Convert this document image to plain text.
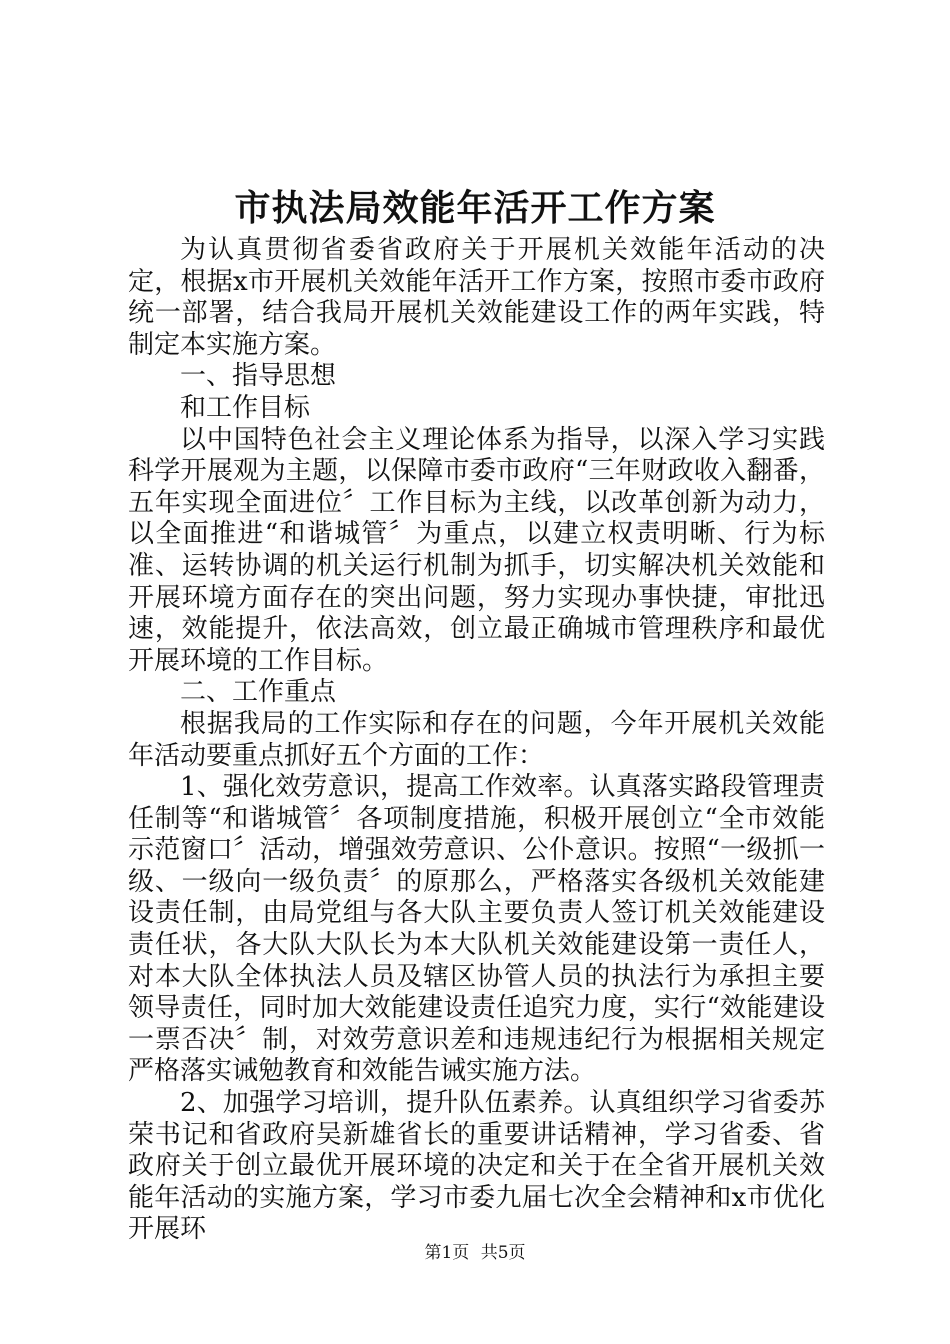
市执法局效能年活开工作方案

为认真贯彻省委省政府关于开展机关效能年活动的决定，根据x市开展机关效能年活开工作方案，按照市委市政府统一部署，结合我局开展机关效能建设工作的两年实践，特制定本实施方案。

一、指导思想

和工作目标

以中国特色社会主义理论体系为指导，以深入学习实践科学开展观为主题，以保障市委市政府“三年财政收入翻番，五年实现全面进位〞工作目标为主线，以改革创新为动力，以全面推进“和谐城管〞为重点，以建立权责明晰、行为标准、运转协调的机关运行机制为抓手，切实解决机关效能和开展环境方面存在的突出问题，努力实现办事快捷，审批迅速，效能提升，依法高效，创立最正确城市管理秩序和最优开展环境的工作目标。

二、工作重点

根据我局的工作实际和存在的问题，今年开展机关效能年活动要重点抓好五个方面的工作：

1、强化效劳意识，提高工作效率。认真落实路段管理责任制等“和谐城管〞各项制度措施，积极开展创立“全市效能示范窗口〞活动，增强效劳意识、公仆意识。按照“一级抓一级、一级向一级负责〞的原那么，严格落实各级机关效能建设责任制，由局党组与各大队主要负责人签订机关效能建设责任状，各大队大队长为本大队机关效能建设第一责任人，对本大队全体执法人员及辖区协管人员的执法行为承担主要领导责任，同时加大效能建设责任追究力度，实行“效能建设一票否决〞制，对效劳意识差和违规违纪行为根据相关规定严格落实诫勉教育和效能告诫实施方法。

2、加强学习培训，提升队伍素养。认真组织学习省委苏荣书记和省政府吴新雄省长的重要讲话精神，学习省委、省政府关于创立最优开展环境的决定和关于在全省开展机关效能年活动的实施方案，学习市委九届七次全会精神和x市优化开展环

第1页 共5页
